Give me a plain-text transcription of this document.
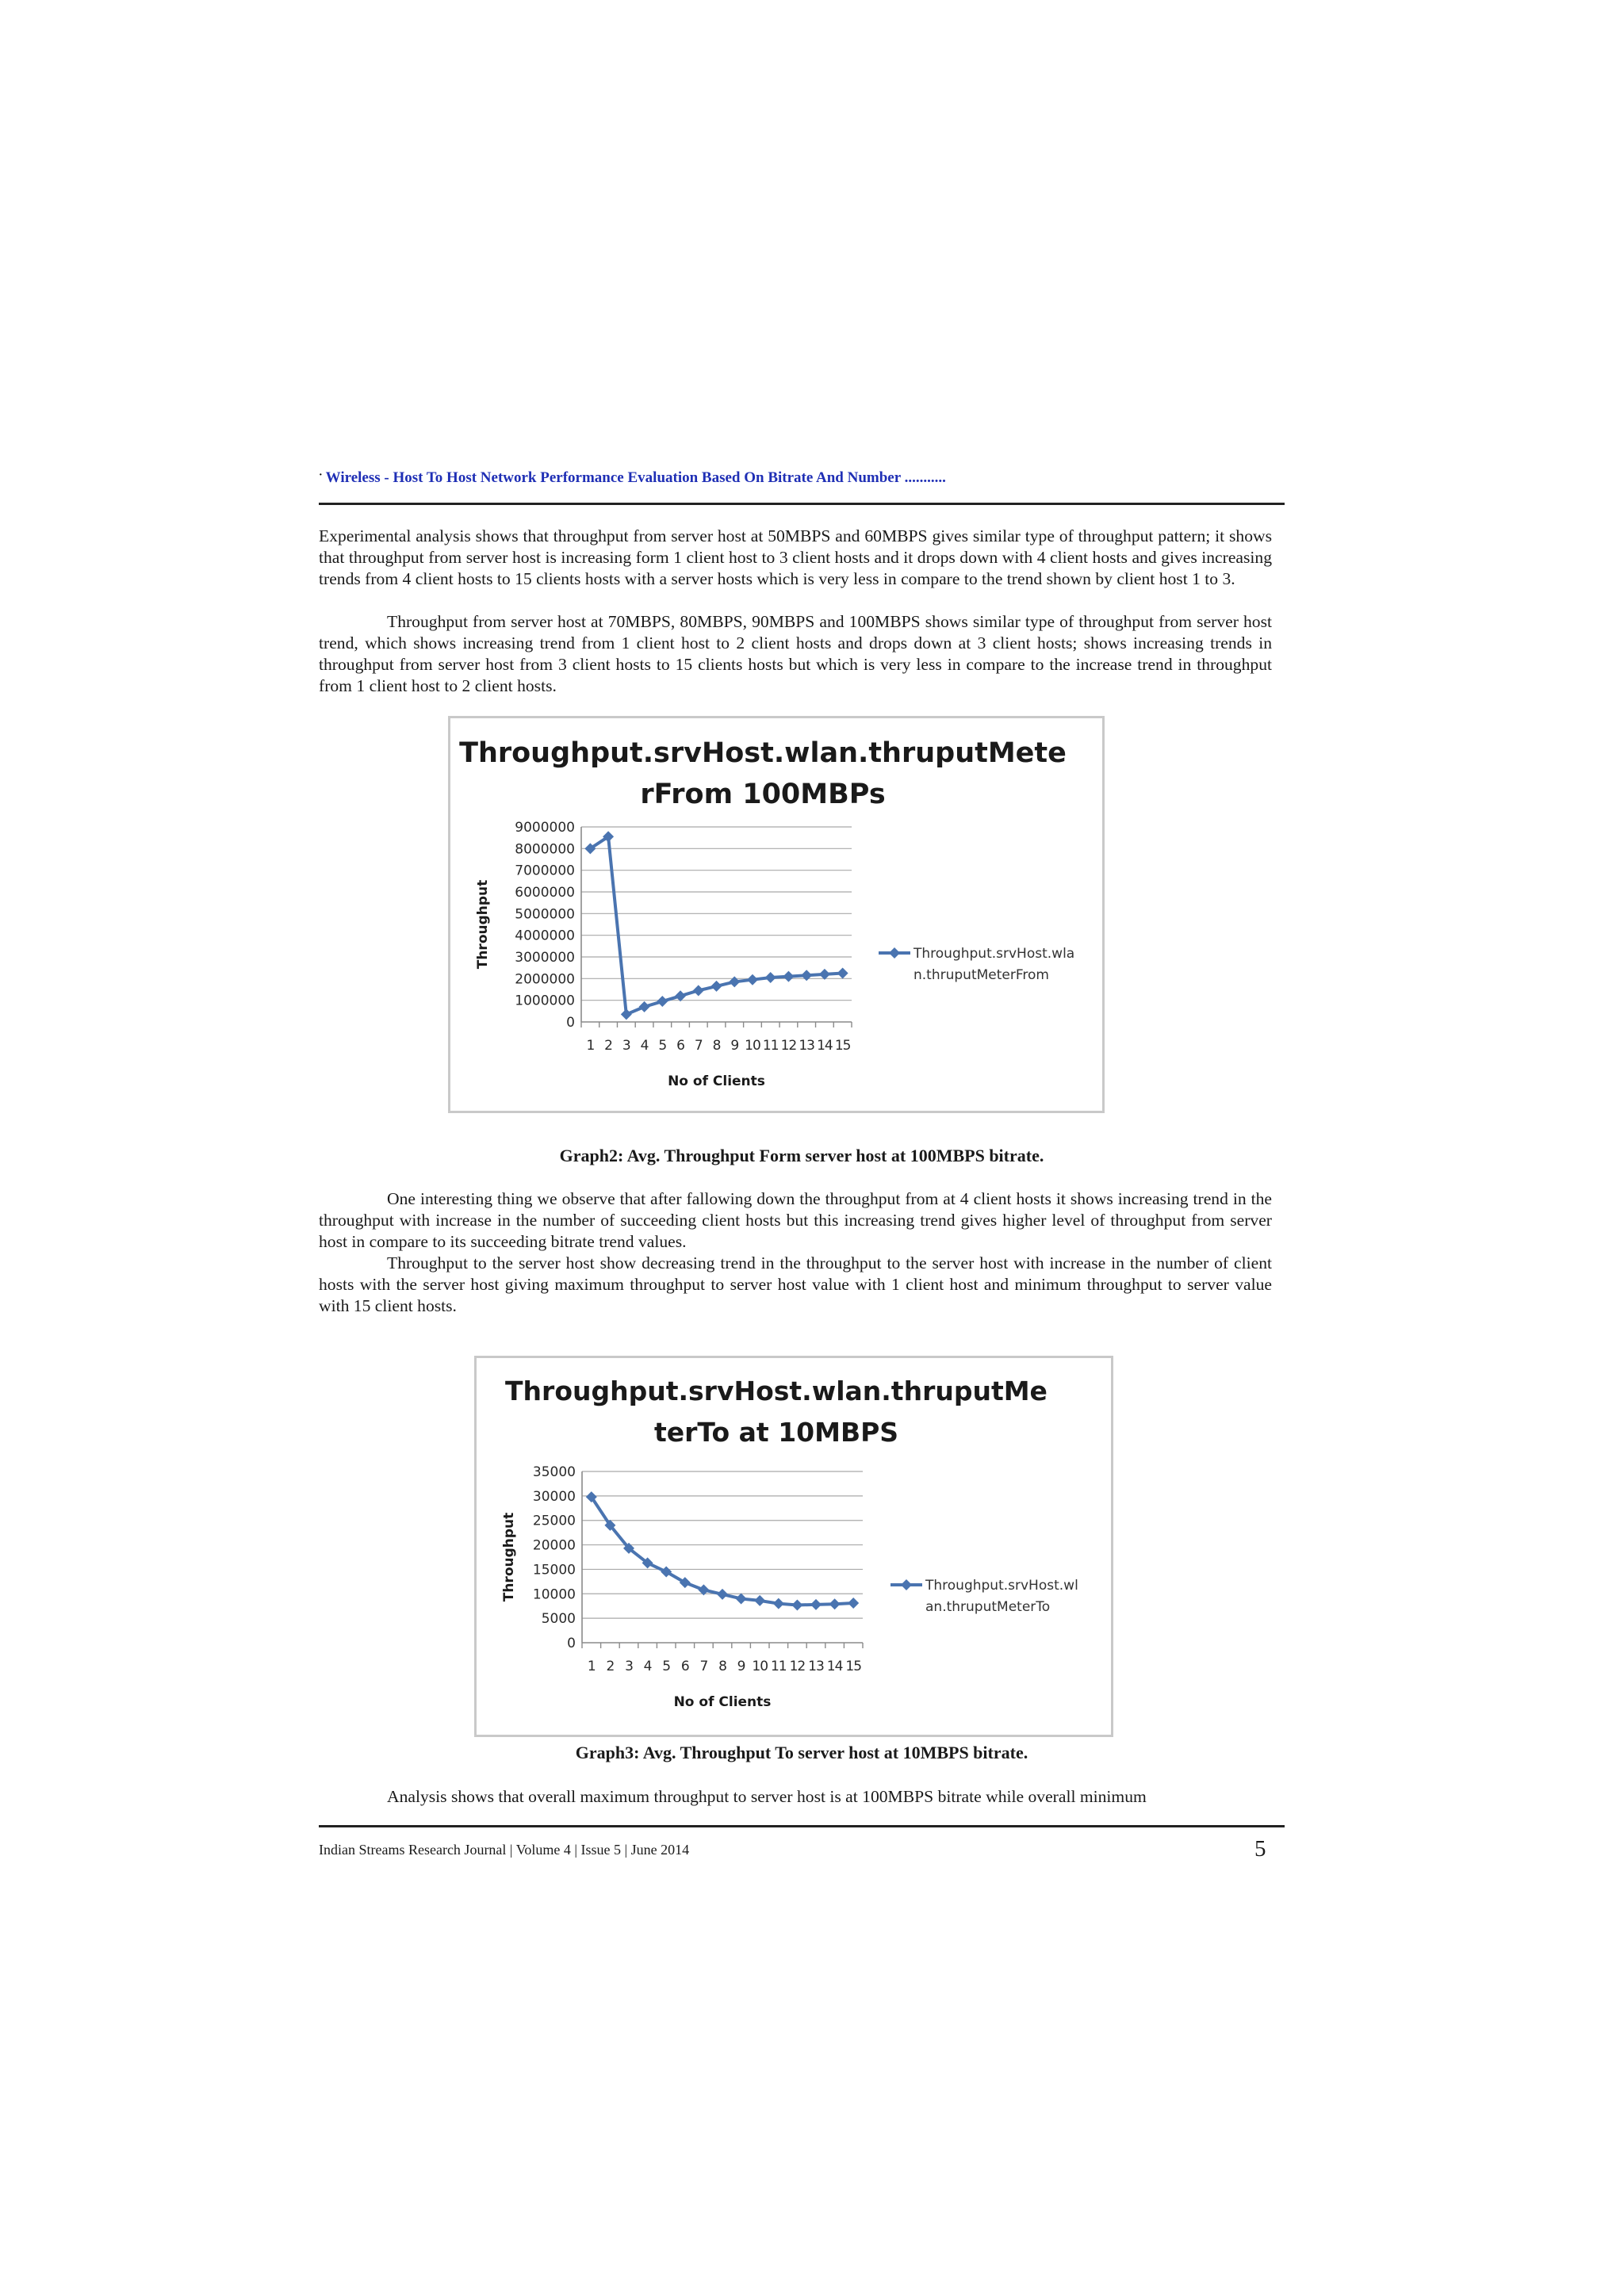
· Wireless - Host To Host Network Performance Evaluation Based On Bitrate And Number ...........

Experimental analysis shows that throughput from server host at 50MBPS and 60MBPS gives similar type of throughput pattern; it shows that throughput from server host is increasing form 1 client host to 3 client hosts and it drops down with 4 client hosts and gives increasing trends from 4 client hosts to 15 clients hosts with a server hosts which is very less in compare to the trend shown by client host 1 to 3.

Throughput from server host at 70MBPS, 80MBPS, 90MBPS and 100MBPS shows similar type of throughput from server host trend, which shows increasing trend from 1 client host to 2 client hosts and drops down at 3 client hosts; shows increasing trends in throughput from server host from 3 client hosts to 15 clients hosts but which is very less in compare to the increase trend in throughput from 1 client host to 2 client hosts.

Throughput.srvHost.wlan.thruputMete
rFrom 100MBPs
0
1000000
2000000
3000000
4000000
5000000
6000000
7000000
8000000
9000000
1 2 3 4 5 6 7 8 9 10 11 12 13 14 15
No of Clients
Throughput	Throughput.srvHost.wla
n.thruputMeterFrom
Graph2: Avg. Throughput Form server host at 100MBPS bitrate.

One interesting thing we observe that after fallowing down the throughput from at 4 client hosts it shows increasing trend in the throughput with increase in the number of succeeding client hosts but this increasing trend gives higher level of throughput from server host in compare to its succeeding bitrate trend values.

Throughput to the server host show decreasing trend in the throughput to the server host with increase in the number of client hosts with the server host giving maximum throughput to server host value with 1 client host and minimum throughput to server value with 15 client hosts.

Throughput.srvHost.wlan.thruputMe
terTo at 10MBPS
0
5000
10000
15000
20000
25000
30000
35000
1 2 3 4 5 6 7 8 9 10 11 12 13 14 15
No of Clients
Throughput	Throughput.srvHost.wl
an.thruputMeterTo
Graph3: Avg. Throughput To server host at 10MBPS bitrate.

Analysis shows that overall maximum throughput to server host is at 100MBPS bitrate while overall minimum

Indian Streams Research Journal | Volume 4 | Issue 5 | June 2014	5
